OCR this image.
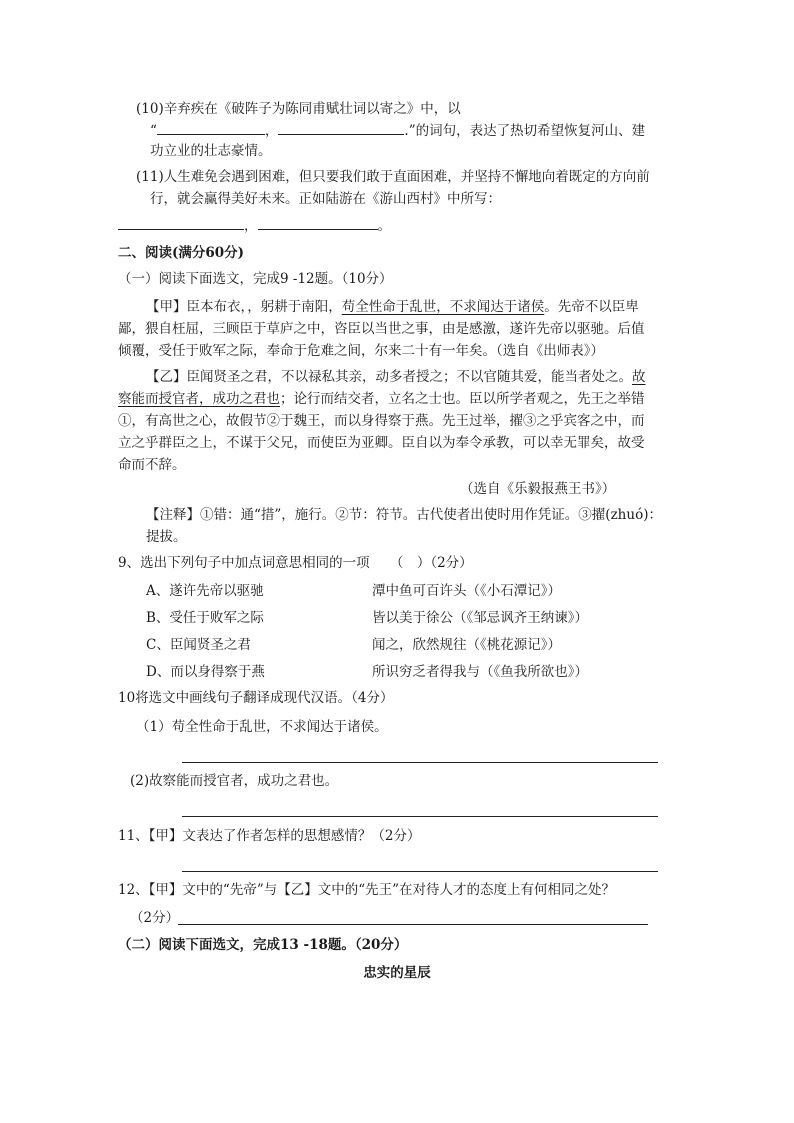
(10)辛弃疾在《破阵子为陈同甫赋壮词以寄之》中，以
“	，	.”的词句，表达了热切希望恢复河山、建
功立业的壮志豪情。
(11)人生难免会遇到困难，但只要我们敢于直面困难，并坚持不懈地向着既定的方向前
行，就会赢得美好未来。正如陆游在《游山西村》中所写：
，	。
二、阅读(满分60分)
（一）阅读下面选文，完成9 -12题。（10分）
【甲】臣本布衣，，躬耕于南阳，苟全性命于乱世，不求闻达于诸侯。先帝不以臣卑
鄙，猥自枉屈，三顾臣于草庐之中，咨臣以当世之事，由是感激，遂许先帝以驱驰。后值
倾覆，受任于败军之际，奉命于危难之间，尔来二十有一年矣。（选自《出师表》）
【乙】臣闻贤圣之君，不以禄私其亲，动多者授之；不以官随其爱，能当者处之。故
察能而授官者，成功之君也；论行而结交者，立名之士也。臣以所学者观之，先王之举错
①，有高世之心，故假节②于魏王，而以身得察于燕。先王过举，擢③之乎宾客之中，而
立之乎群臣之上，不谋于父兄，而使臣为亚卿。臣自以为奉令承教，可以幸无罪矣，故受
命而不辞。
（选自《乐毅报燕王书》）
【注释】①错：通“措”，施行。②节：符节。古代使者出使时用作凭证。③擢(zhuó)：
提拔。
9、选出下列句子中加点词意思相同的一项　　（　）（2分）
A、遂许先帝以驱驰	潭中鱼可百许头（《小石潭记》）
B、受任于败军之际	皆以美于徐公（《邹忌讽齐王纳谏》）
C、臣闻贤圣之君	闻之，欣然规往（《桃花源记》）
D、而以身得察于燕	所识穷乏者得我与（《鱼我所欲也》）
10将选文中画线句子翻译成现代汉语。（4分）
（1）苟全性命于乱世，不求闻达于诸侯。
(2)故察能而授官者，成功之君也。
11、【甲】文表达了作者怎样的思想感情？（2分）
12、【甲】文中的“先帝”与【乙】文中的“先王”在对待人才的态度上有何相同之处？
（2分）
（二）阅读下面选文，完成13 -18题。（20分）
忠实的星辰
